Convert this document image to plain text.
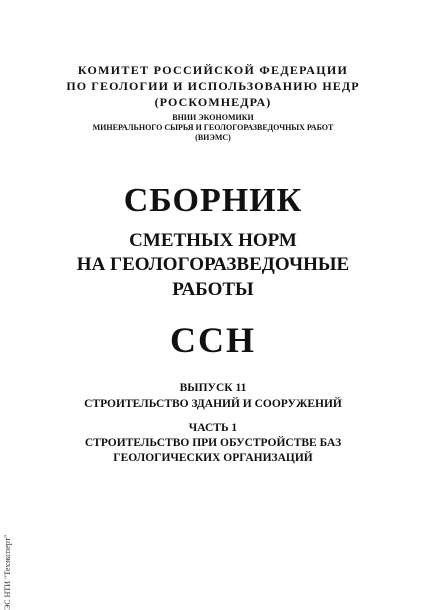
КОМИТЕТ РОССИЙСКОЙ ФЕДЕРАЦИИ
ПО ГЕОЛОГИИ И ИСПОЛЬЗОВАНИЮ НЕДР
(РОСКОМНЕДРА)
ВНИИ ЭКОНОМИКИ
МИНЕРАЛЬНОГО СЫРЬЯ И ГЕОЛОГОРАЗВЕДОЧНЫХ РАБОТ
(ВИЭМС)
СБОРНИК
СМЕТНЫХ НОРМ
НА ГЕОЛОГОРАЗВЕДОЧНЫЕ
РАБОТЫ
ССН
ВЫПУСК 11
СТРОИТЕЛЬСТВО ЗДАНИЙ И СООРУЖЕНИЙ
ЧАСТЬ 1
СТРОИТЕЛЬСТВО ПРИ ОБУСТРОЙСТВЕ БАЗ
ГЕОЛОГИЧЕСКИХ ОРГАНИЗАЦИЙ
ЭС НТИ "Техэксперт"
